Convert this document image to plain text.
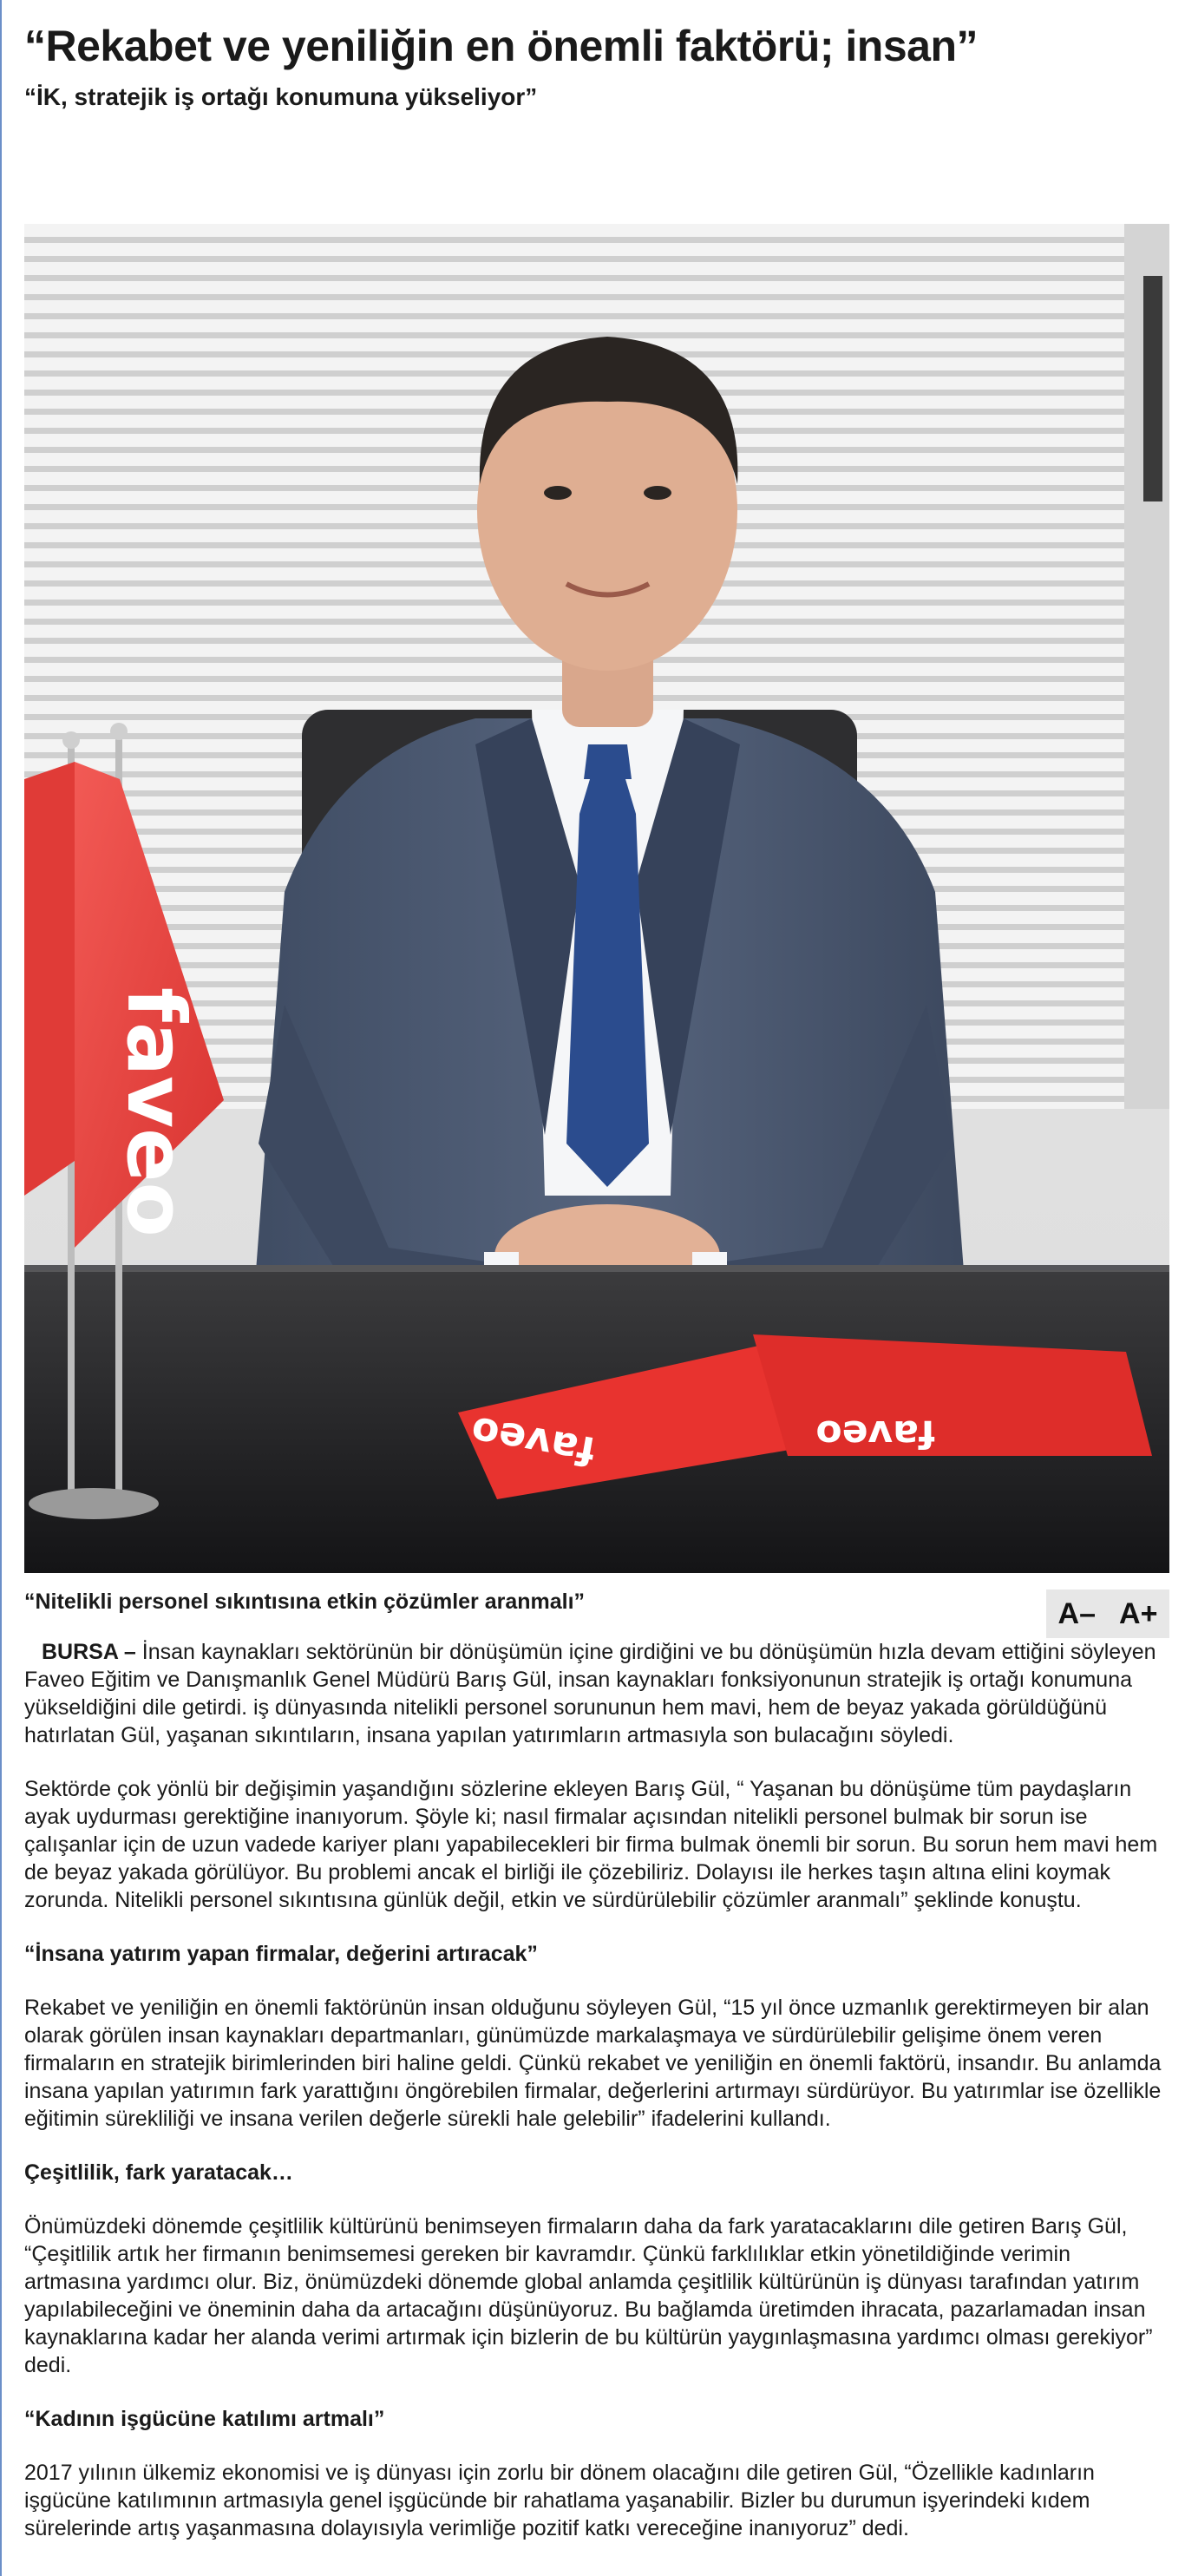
“Rekabet ve yeniliğin en önemli faktörü; insan”
“İK, stratejik iş ortağı konumuna yükseliyor”
faveo	faveo
faveo

“Nitelikli personel sıkıntısına etkin çözümler aranmalı”	A– A+

BURSA – İnsan kaynakları sektörünün bir dönüşümün içine girdiğini ve bu dönüşümün hızla devam ettiğini söyleyen Faveo Eğitim ve Danışmanlık Genel Müdürü Barış Gül, insan kaynakları fonksiyonunun stratejik iş ortağı konumuna yükseldiğini dile getirdi. iş dünyasında nitelikli personel sorununun hem mavi, hem de beyaz yakada görüldüğünü hatırlatan Gül, yaşanan sıkıntıların, insana yapılan yatırımların artmasıyla son bulacağını söyledi.

Sektörde çok yönlü bir değişimin yaşandığını sözlerine ekleyen Barış Gül, “ Yaşanan bu dönüşüme tüm paydaşların ayak uydurması gerektiğine inanıyorum. Şöyle ki; nasıl firmalar açısından nitelikli personel bulmak bir sorun ise çalışanlar için de uzun vadede kariyer planı yapabilecekleri bir firma bulmak önemli bir sorun. Bu sorun hem mavi hem de beyaz yakada görülüyor. Bu problemi ancak el birliği ile çözebiliriz. Dolayısı ile herkes taşın altına elini koymak zorunda. Nitelikli personel sıkıntısına günlük değil, etkin ve sürdürülebilir çözümler aranmalı” şeklinde konuştu.

“İnsana yatırım yapan firmalar, değerini artıracak”

Rekabet ve yeniliğin en önemli faktörünün insan olduğunu söyleyen Gül, “15 yıl önce uzmanlık gerektirmeyen bir alan olarak görülen insan kaynakları departmanları, günümüzde markalaşmaya ve sürdürülebilir gelişime önem veren firmaların en stratejik birimlerinden biri haline geldi. Çünkü rekabet ve yeniliğin en önemli faktörü, insandır. Bu anlamda insana yapılan yatırımın fark yarattığını öngörebilen firmalar, değerlerini artırmayı sürdürüyor. Bu yatırımlar ise özellikle eğitimin sürekliliği ve insana verilen değerle sürekli hale gelebilir” ifadelerini kullandı.

Çeşitlilik, fark yaratacak…

Önümüzdeki dönemde çeşitlilik kültürünü benimseyen firmaların daha da fark yaratacaklarını dile getiren Barış Gül, “Çeşitlilik artık her firmanın benimsemesi gereken bir kavramdır. Çünkü farklılıklar etkin yönetildiğinde verimin artmasına yardımcı olur. Biz, önümüzdeki dönemde global anlamda çeşitlilik kültürünün iş dünyası tarafından yatırım yapılabileceğini ve öneminin daha da artacağını düşünüyoruz. Bu bağlamda üretimden ihracata, pazarlamadan insan kaynaklarına kadar her alanda verimi artırmak için bizlerin de bu kültürün yaygınlaşmasına yardımcı olması gerekiyor” dedi.

“Kadının işgücüne katılımı artmalı”

2017 yılının ülkemiz ekonomisi ve iş dünyası için zorlu bir dönem olacağını dile getiren Gül, “Özellikle kadınların işgücüne katılımının artmasıyla genel işgücünde bir rahatlama yaşanabilir. Bizler bu durumun işyerindeki kıdem sürelerinde artış yaşanmasına dolayısıyla verimliğe pozitif katkı vereceğine inanıyoruz” dedi.
